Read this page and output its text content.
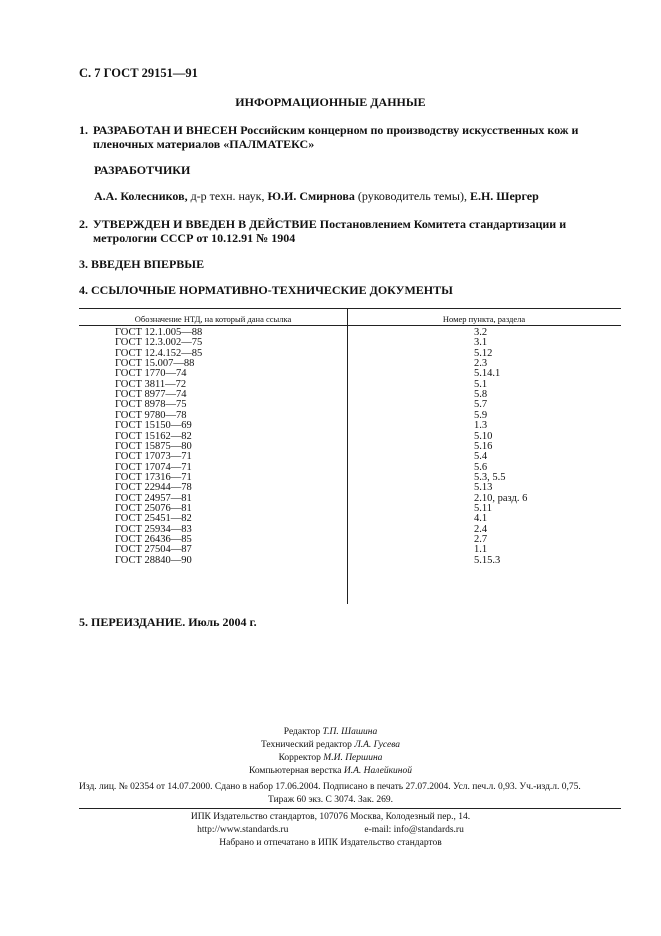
С. 7 ГОСТ 29151—91
ИНФОРМАЦИОННЫЕ ДАННЫЕ
1. РАЗРАБОТАН И ВНЕСЕН Российским концерном по производству искусственных кож и пленочных материалов «ПАЛМАТЕКС»
РАЗРАБОТЧИКИ
А.А. Колесников, д-р техн. наук, Ю.И. Смирнова (руководитель темы), Е.Н. Шергер
2. УТВЕРЖДЕН И ВВЕДЕН В ДЕЙСТВИЕ Постановлением Комитета стандартизации и метрологии СССР от 10.12.91 № 1904
3. ВВЕДЕН ВПЕРВЫЕ
4. ССЫЛОЧНЫЕ НОРМАТИВНО-ТЕХНИЧЕСКИЕ ДОКУМЕНТЫ
Обозначение НТД, на который дана ссылка	Номер пункта, раздела
ГОСТ 12.1.005—88	3.2
ГОСТ 12.3.002—75	3.1
ГОСТ 12.4.152—85	5.12
ГОСТ 15.007—88	2.3
ГОСТ 1770—74	5.14.1
ГОСТ 3811—72	5.1
ГОСТ 8977—74	5.8
ГОСТ 8978—75	5.7
ГОСТ 9780—78	5.9
ГОСТ 15150—69	1.3
ГОСТ 15162—82	5.10
ГОСТ 15875—80	5.16
ГОСТ 17073—71	5.4
ГОСТ 17074—71	5.6
ГОСТ 17316—71	5.3, 5.5
ГОСТ 22944—78	5.13
ГОСТ 24957—81	2.10, разд. 6
ГОСТ 25076—81	5.11
ГОСТ 25451—82	4.1
ГОСТ 25934—83	2.4
ГОСТ 26436—85	2.7
ГОСТ 27504—87	1.1
ГОСТ 28840—90	5.15.3
5. ПЕРЕИЗДАНИЕ. Июль 2004 г.
Редактор Т.П. Шашина
Технический редактор Л.А. Гусева
Корректор М.И. Першина
Компьютерная верстка И.А. Налейкиной
Изд. лиц. № 02354 от 14.07.2000. Сдано в набор 17.06.2004. Подписано в печать 27.07.2004. Усл. печ.л. 0,93. Уч.-изд.л. 0,75.
Тираж 60 экз. С 3074. Зак. 269.
ИПК Издательство стандартов, 107076 Москва, Колодезный пер., 14.
http://www.standards.ru                                e-mail: info@standards.ru
Набрано и отпечатано в ИПК Издательство стандартов
